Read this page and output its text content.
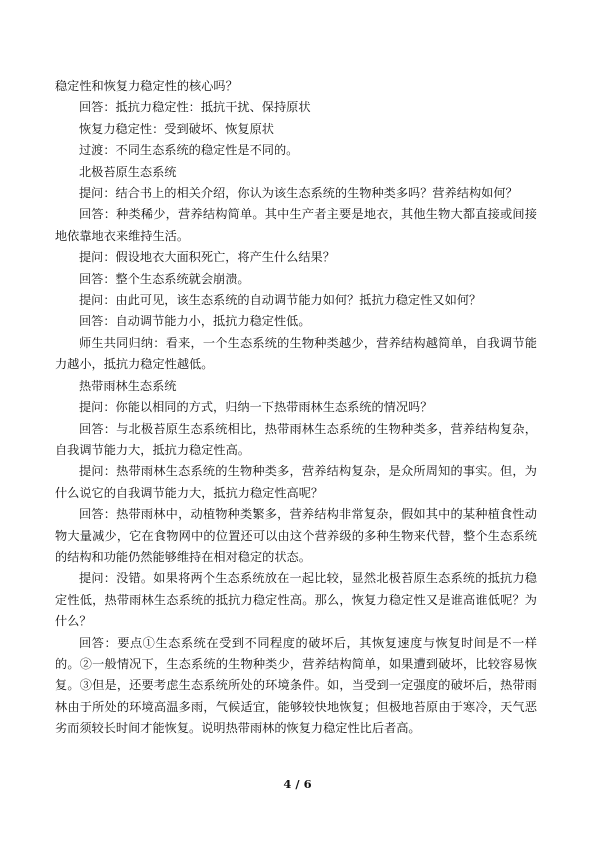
稳定性和恢复力稳定性的核心吗？

回答：抵抗力稳定性：抵抗干扰、保持原状

恢复力稳定性：受到破坏、恢复原状

过渡：不同生态系统的稳定性是不同的。

北极苔原生态系统

提问：结合书上的相关介绍，你认为该生态系统的生物种类多吗？营养结构如何？

回答：种类稀少，营养结构简单。其中生产者主要是地衣，其他生物大都直接或间接地依靠地衣来维持生活。

提问：假设地衣大面积死亡，将产生什么结果？

回答：整个生态系统就会崩溃。

提问：由此可见，该生态系统的自动调节能力如何？抵抗力稳定性又如何？

回答：自动调节能力小，抵抗力稳定性低。

师生共同归纳：看来，一个生态系统的生物种类越少，营养结构越简单，自我调节能力越小，抵抗力稳定性越低。

热带雨林生态系统

提问：你能以相同的方式，归纳一下热带雨林生态系统的情况吗？

回答：与北极苔原生态系统相比，热带雨林生态系统的生物种类多，营养结构复杂，自我调节能力大，抵抗力稳定性高。

提问：热带雨林生态系统的生物种类多，营养结构复杂，是众所周知的事实。但，为什么说它的自我调节能力大，抵抗力稳定性高呢？

回答：热带雨林中，动植物种类繁多，营养结构非常复杂，假如其中的某种植食性动物大量减少，它在食物网中的位置还可以由这个营养级的多种生物来代替，整个生态系统的结构和功能仍然能够维持在相对稳定的状态。

提问：没错。如果将两个生态系统放在一起比较，显然北极苔原生态系统的抵抗力稳定性低，热带雨林生态系统的抵抗力稳定性高。那么，恢复力稳定性又是谁高谁低呢？为什么？

回答：要点①生态系统在受到不同程度的破坏后，其恢复速度与恢复时间是不一样的。②一般情况下，生态系统的生物种类少，营养结构简单，如果遭到破坏，比较容易恢复。③但是，还要考虑生态系统所处的环境条件。如，当受到一定强度的破坏后，热带雨林由于所处的环境高温多雨，气候适宜，能够较快地恢复；但极地苔原由于寒冷，天气恶劣而须较长时间才能恢复。说明热带雨林的恢复力稳定性比后者高。

4 / 6
